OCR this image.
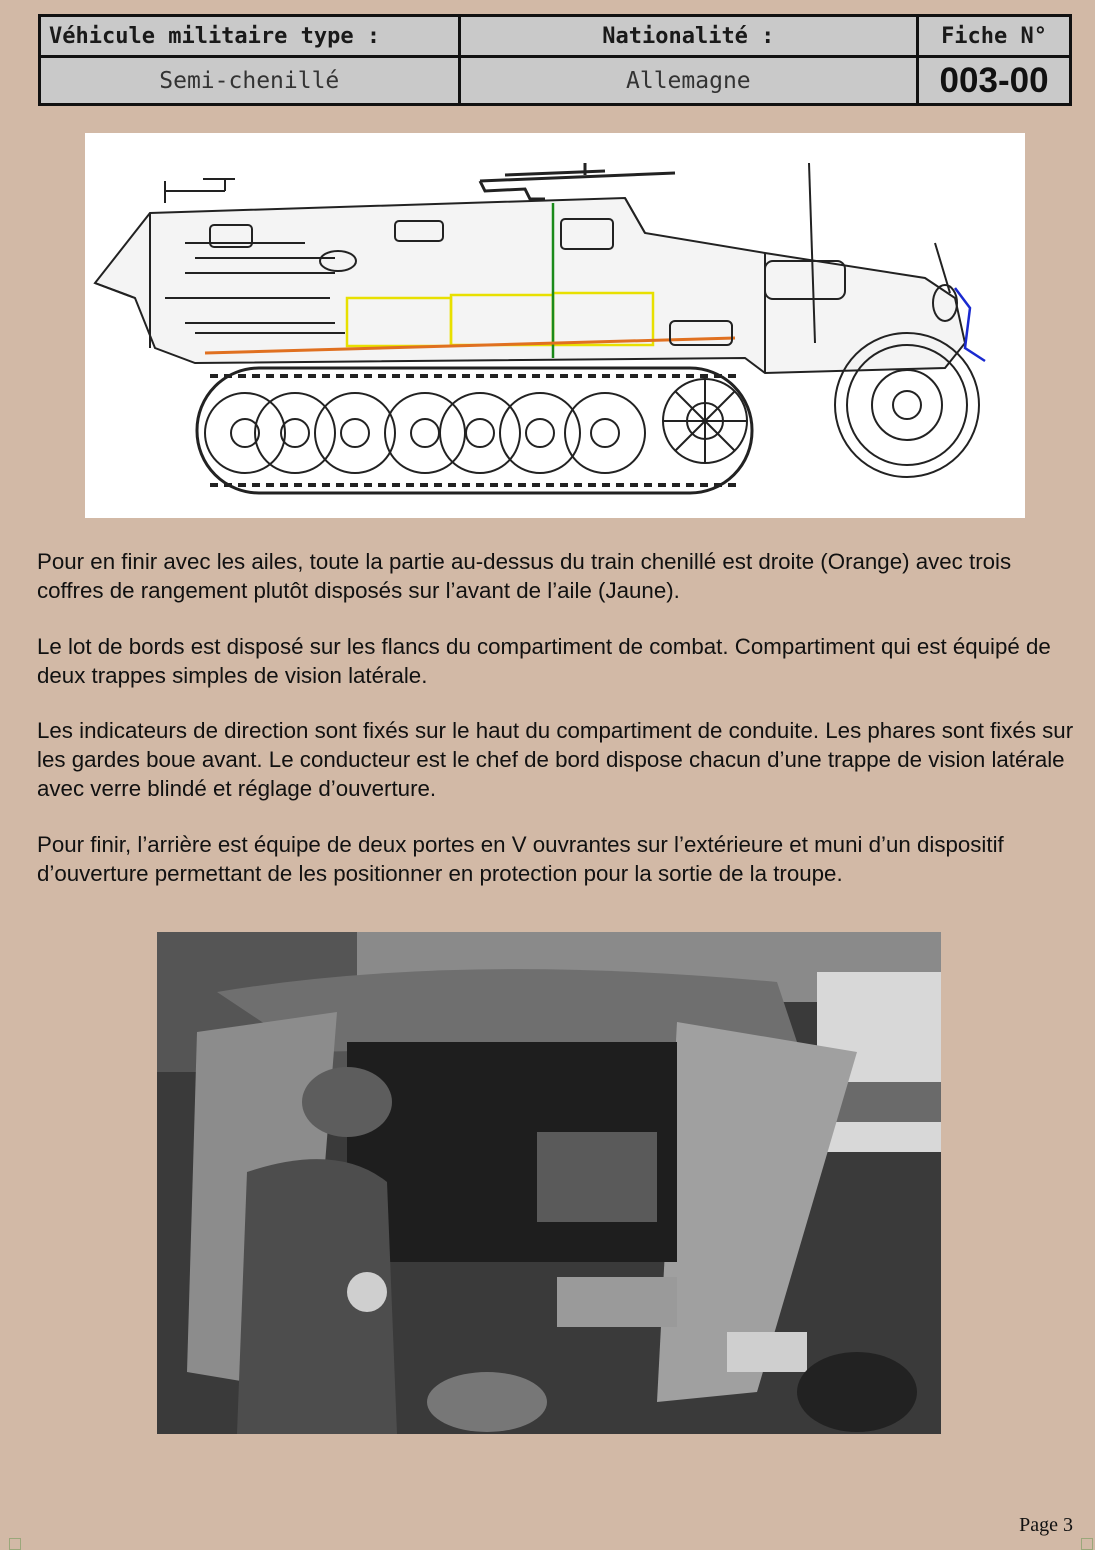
Véhicule militaire type :	Nationalité :	Fiche N°
Semi-chenillé	Allemagne	003-00

Pour en finir avec les ailes, toute la partie au-dessus du train chenillé est droite (Orange) avec trois coffres de rangement plutôt disposés sur l’avant de l’aile (Jaune).

Le lot de bords est disposé sur les flancs du compartiment de combat. Compartiment qui est équipé de deux trappes simples de vision latérale.

Les indicateurs de direction sont fixés sur le haut du compartiment de conduite. Les phares sont fixés sur les gardes boue avant. Le conducteur est le chef de bord dispose chacun d’une trappe de vision latérale avec verre blindé et réglage d’ouverture.

Pour finir, l’arrière est équipe de deux portes en V ouvrantes sur l’extérieure et muni d’un dispositif d’ouverture permettant de les positionner en protection pour la sortie de la troupe.

Page 3
